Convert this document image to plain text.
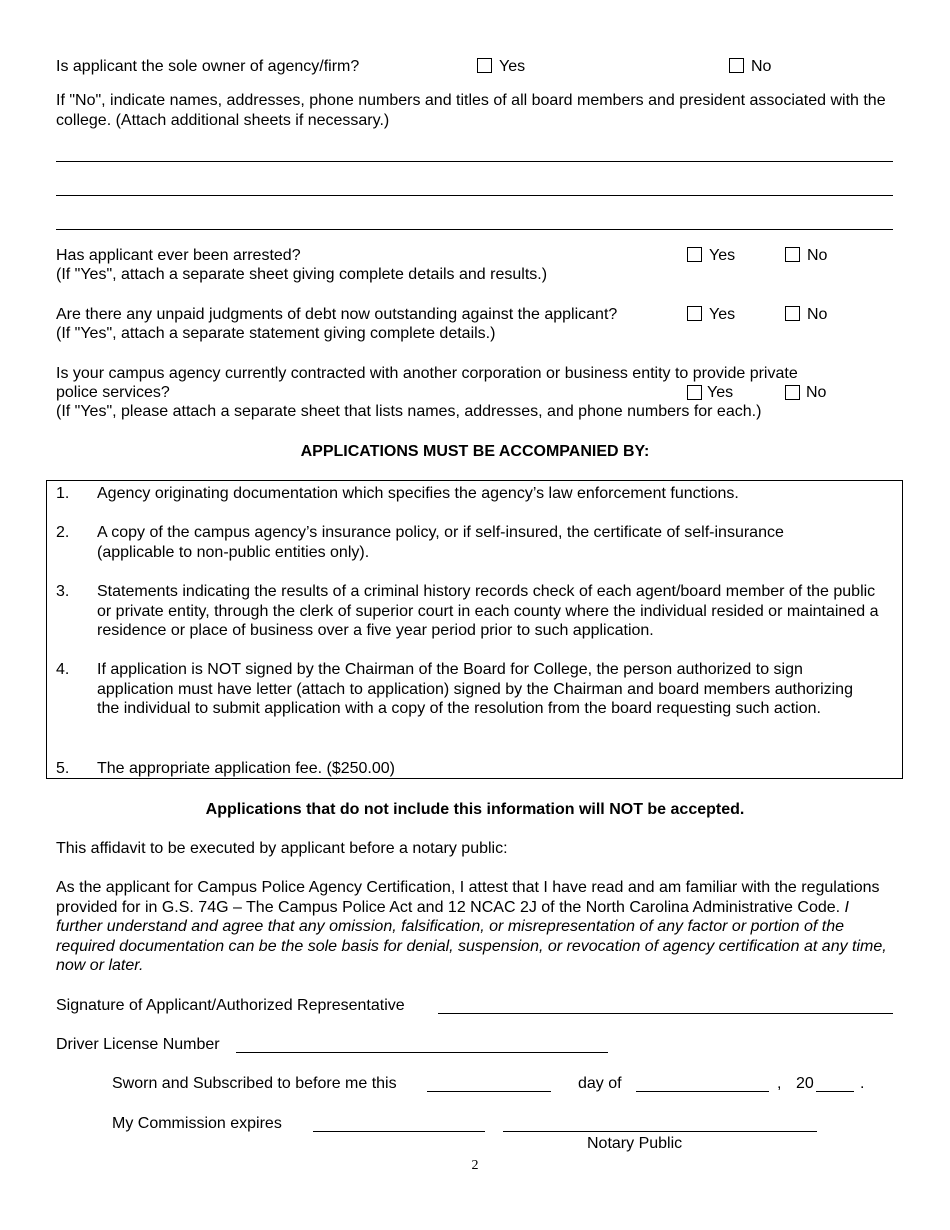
Is applicant the sole owner of agency/firm?	Yes	No
If "No", indicate names, addresses, phone numbers and titles of all board members and president associated with the college. (Attach additional sheets if necessary.)
Has applicant ever been arrested?
(If "Yes", attach a separate sheet giving complete details and results.)
Yes	No
Are there any unpaid judgments of debt now outstanding against the applicant?
(If "Yes", attach a separate statement giving complete details.)
Yes	No
Is your campus agency currently contracted with another corporation or business entity to provide private
police services?
(If "Yes", please attach a separate sheet that lists names, addresses, and phone numbers for each.)
Yes	No
APPLICATIONS MUST BE ACCOMPANIED BY:
1. Agency originating documentation which specifies the agency’s law enforcement functions.
2. A copy of the campus agency’s insurance policy, or if self-insured, the certificate of self-insurance (applicable to non-public entities only).
3. Statements indicating the results of a criminal history records check of each agent/board member of the public or private entity, through the clerk of superior court in each county where the individual resided or maintained a residence or place of business over a five year period prior to such application.
4. If application is NOT signed by the Chairman of the Board for College, the person authorized to sign application must have letter (attach to application) signed by the Chairman and board members authorizing the individual to submit application with a copy of the resolution from the board requesting such action.
5. The appropriate application fee. ($250.00)
Applications that do not include this information will NOT be accepted.
This affidavit to be executed by applicant before a notary public:
As the applicant for Campus Police Agency Certification, I attest that I have read and am familiar with the regulations provided for in G.S. 74G – The Campus Police Act and 12 NCAC 2J of the North Carolina Administrative Code. I further understand and agree that any omission, falsification, or misrepresentation of any factor or portion of the required documentation can be the sole basis for denial, suspension, or revocation of agency certification at any time, now or later.
Signature of Applicant/Authorized Representative
Driver License Number
Sworn and Subscribed to before me this	day of	, 20	.
My Commission expires
Notary Public
2
